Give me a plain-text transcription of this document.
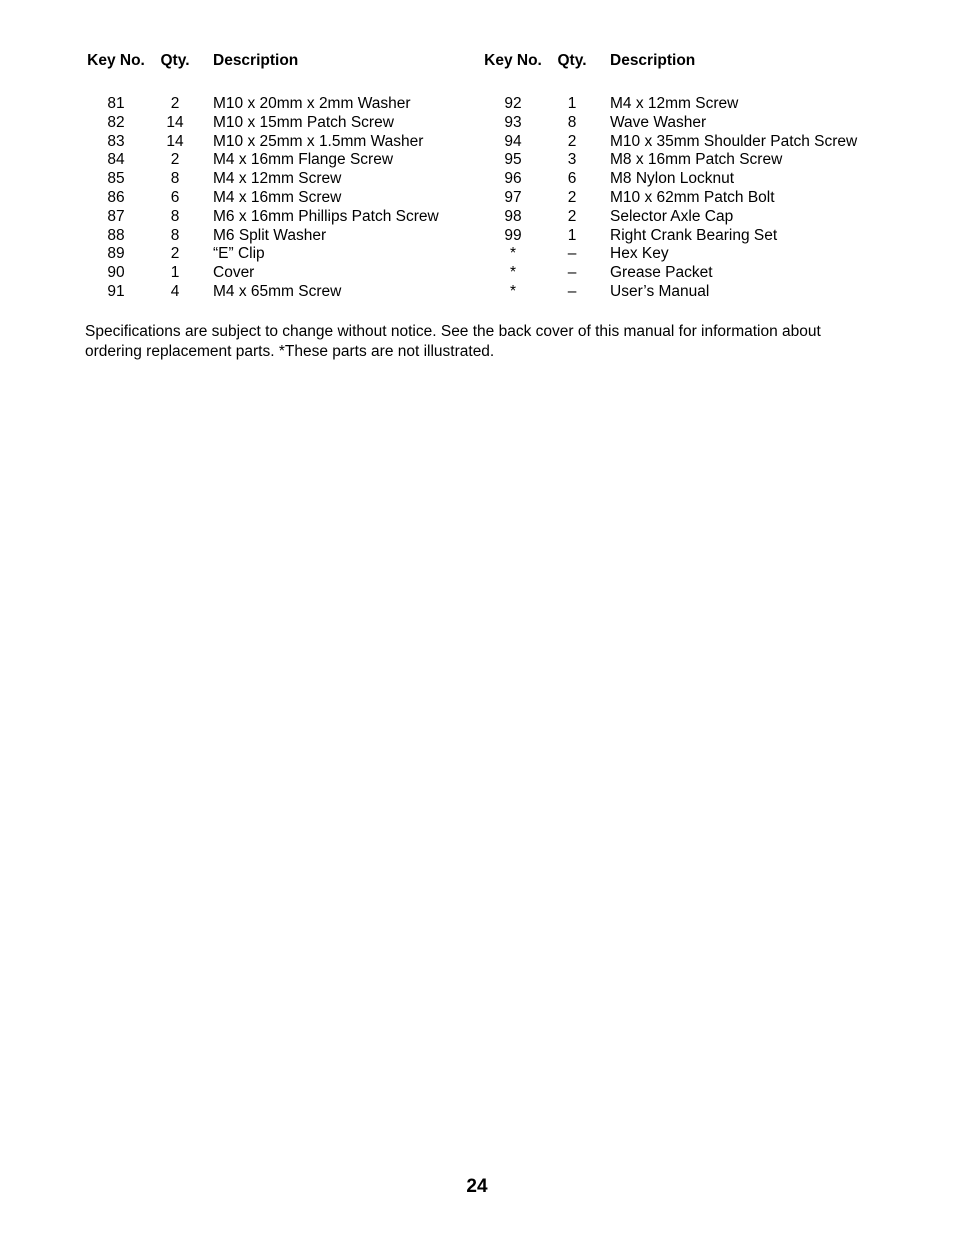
Key No. Qty. Description
81	2	M10 x 20mm x 2mm Washer
82	14	M10 x 15mm Patch Screw
83	14	M10 x 25mm x 1.5mm Washer
84	2	M4 x 16mm Flange Screw
85	8	M4 x 12mm Screw
86	6	M4 x 16mm Screw
87	8	M6 x 16mm Phillips Patch Screw
88	8	M6 Split Washer
89	2	“E” Clip
90	1	Cover
91	4	M4 x 65mm Screw
Key No. Qty. Description
92	1	M4 x 12mm Screw
93	8	Wave Washer
94	2	M10 x 35mm Shoulder Patch Screw
95	3	M8 x 16mm Patch Screw
96	6	M8 Nylon Locknut
97	2	M10 x 62mm Patch Bolt
98	2	Selector Axle Cap
99	1	Right Crank Bearing Set
*	–	Hex Key
*	–	Grease Packet
*	–	User’s Manual
Specifications are subject to change without notice. See the back cover of this manual for information about
ordering replacement parts. *These parts are not illustrated.
24
